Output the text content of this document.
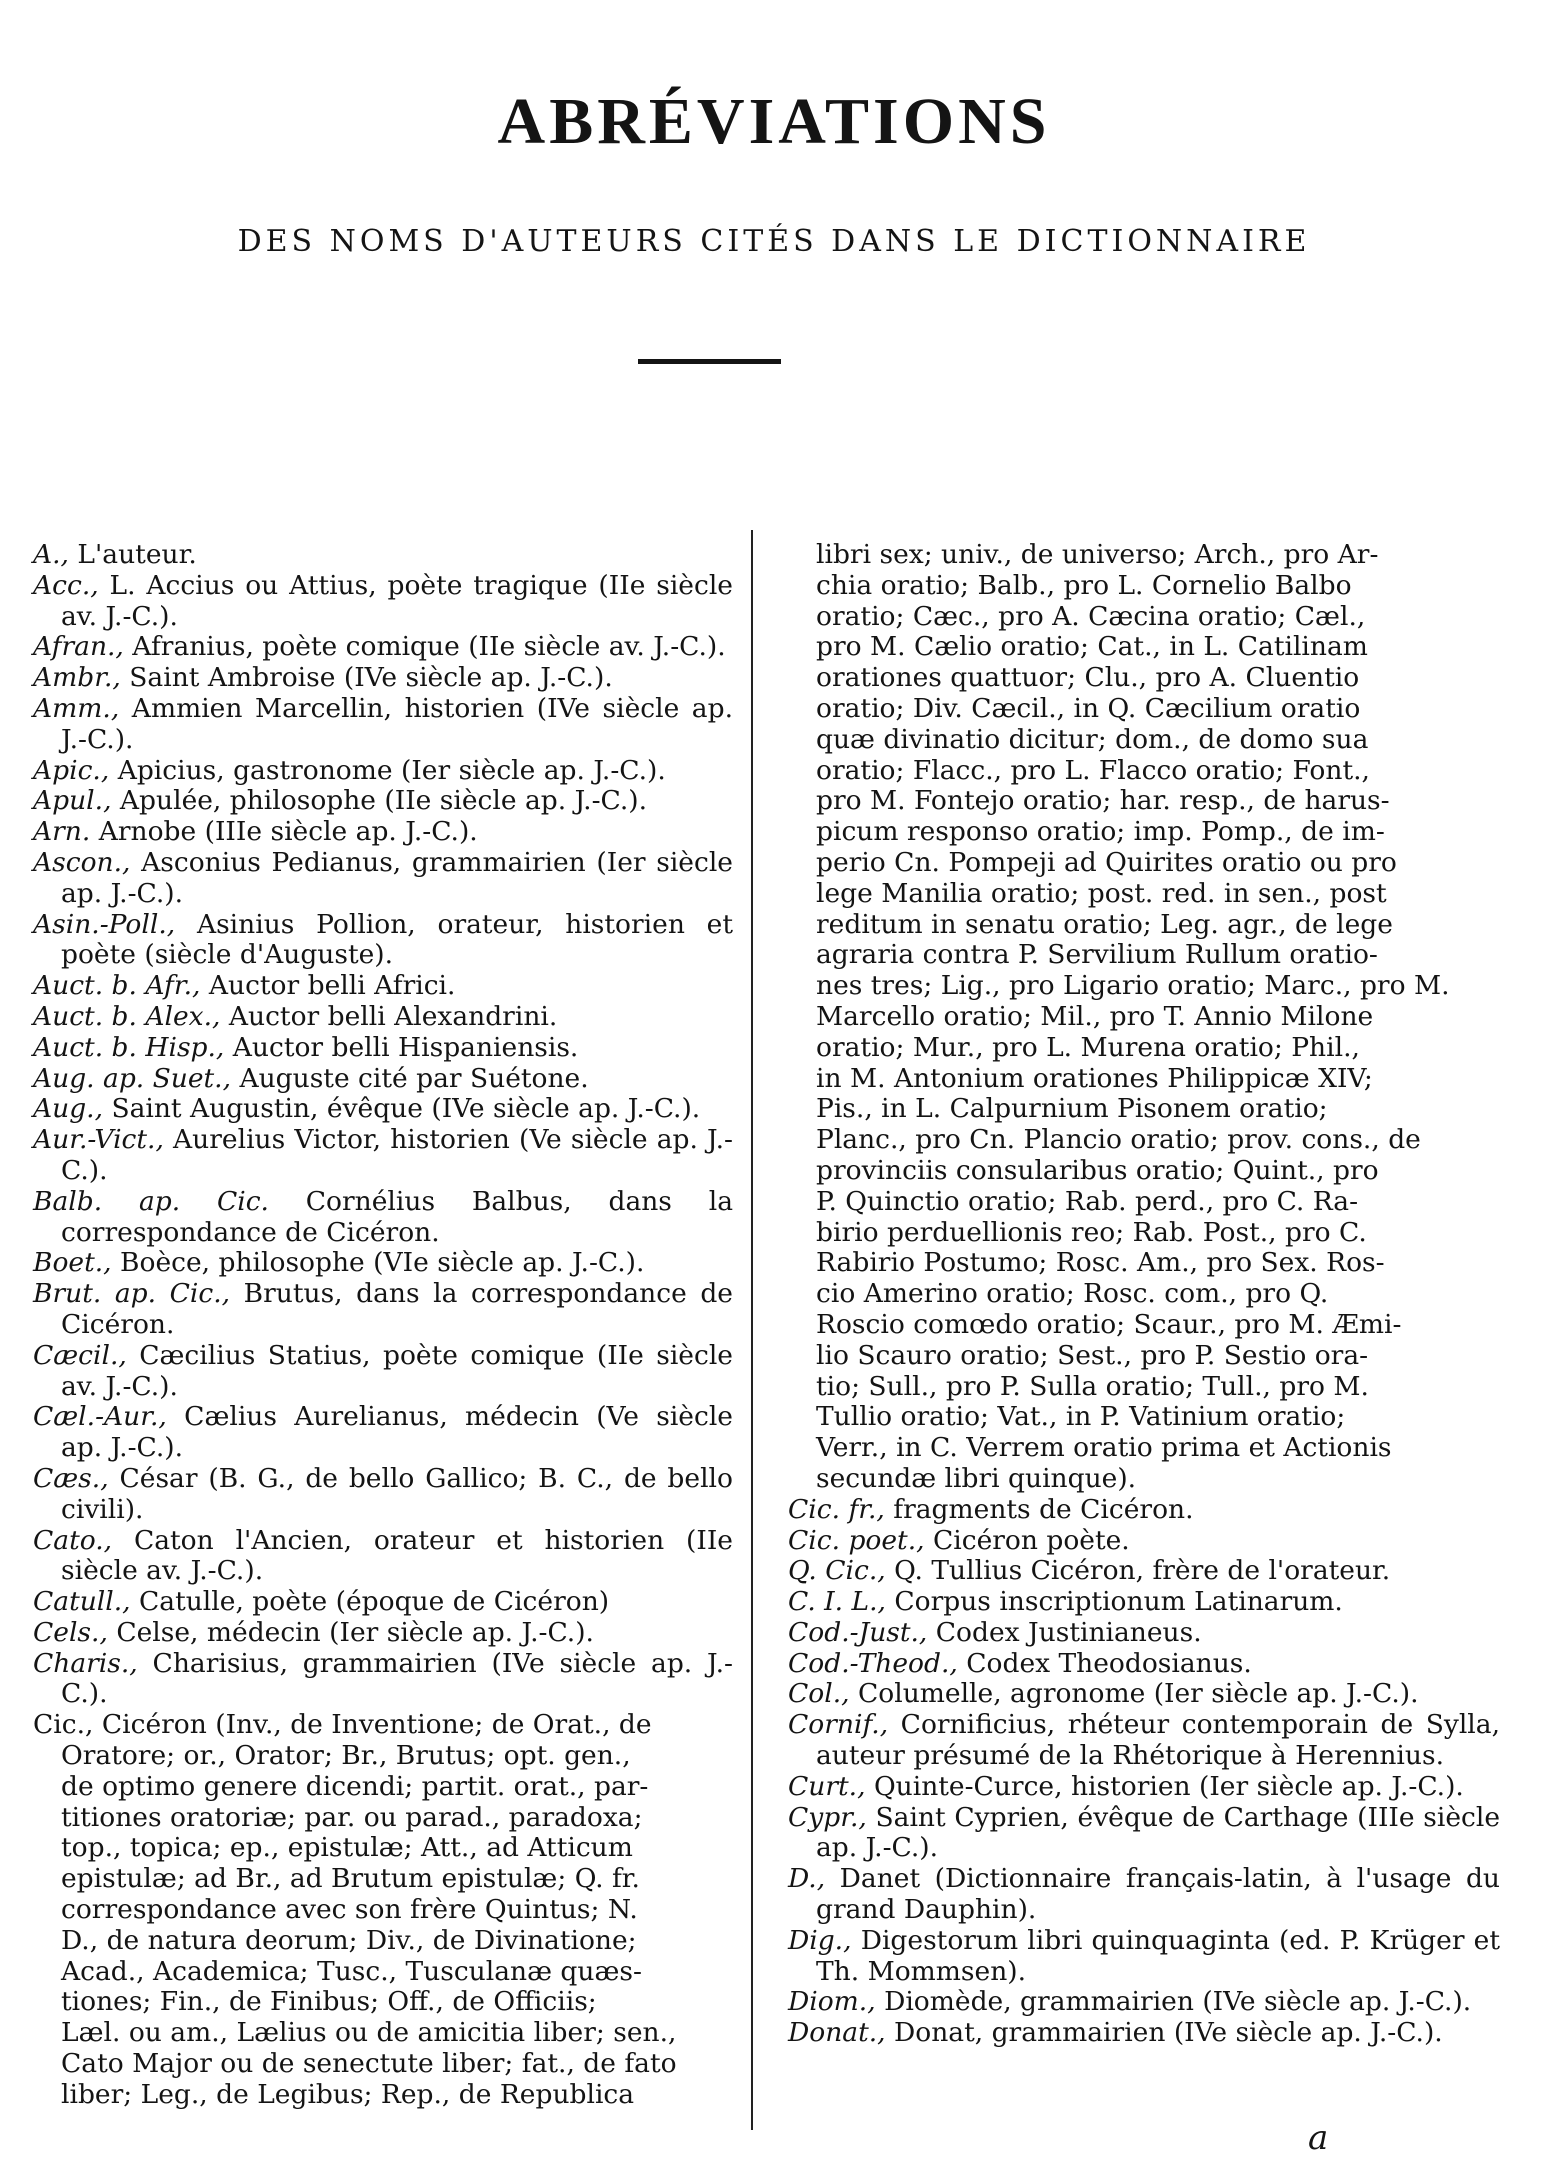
ABRÉVIATIONS
DES NOMS D'AUTEURS CITÉS DANS LE DICTIONNAIRE

A., L'auteur.

Acc., L. Accius ou Attius, poète tragique (IIe siècle av. J.-C.).

Afran., Afranius, poète comique (IIe siècle av. J.-C.).

Ambr., Saint Ambroise (IVe siècle ap. J.-C.).

Amm., Ammien Marcellin, historien (IVe siècle ap. J.-C.).

Apic., Apicius, gastronome (Ier siècle ap. J.-C.).

Apul., Apulée, philosophe (IIe siècle ap. J.-C.).

Arn. Arnobe (IIIe siècle ap. J.-C.).

Ascon., Asconius Pedianus, grammairien (Ier siècle ap. J.-C.).

Asin.-Poll., Asinius Pollion, orateur, historien et poète (siècle d'Auguste).

Auct. b. Afr., Auctor belli Africi.

Auct. b. Alex., Auctor belli Alexandrini.

Auct. b. Hisp., Auctor belli Hispaniensis.

Aug. ap. Suet., Auguste cité par Suétone.

Aug., Saint Augustin, évêque (IVe siècle ap. J.-C.).

Aur.-Vict., Aurelius Victor, historien (Ve siècle ap. J.-C.).

Balb. ap. Cic. Cornélius Balbus, dans la correspondance de Cicéron.

Boet., Boèce, philosophe (VIe siècle ap. J.-C.).

Brut. ap. Cic., Brutus, dans la correspondance de Cicéron.

Cæcil., Cæcilius Statius, poète comique (IIe siècle av. J.-C.).

Cæl.-Aur., Cælius Aurelianus, médecin (Ve siècle ap. J.-C.).

Cæs., César (B. G., de bello Gallico; B. C., de bello civili).

Cato., Caton l'Ancien, orateur et historien (IIe siècle av. J.-C.).

Catull., Catulle, poète (époque de Cicéron)

Cels., Celse, médecin (Ier siècle ap. J.-C.).

Charis., Charisius, grammairien (IVe siècle ap. J.-C.).

Cic., Cicéron (Inv., de Inventione; de Orat., de

Oratore; or., Orator; Br., Brutus; opt. gen.,

de optimo genere dicendi; partit. orat., par-

titiones oratoriæ; par. ou parad., paradoxa;

top., topica; ep., epistulæ; Att., ad Atticum

epistulæ; ad Br., ad Brutum epistulæ; Q. fr.

correspondance avec son frère Quintus; N.

D., de natura deorum; Div., de Divinatione;

Acad., Academica; Tusc., Tusculanæ quæs-

tiones; Fin., de Finibus; Off., de Officiis;

Læl. ou am., Lælius ou de amicitia liber; sen.,

Cato Major ou de senectute liber; fat., de fato

liber; Leg., de Legibus; Rep., de Republica

libri sex; univ., de universo; Arch., pro Ar-

chia oratio; Balb., pro L. Cornelio Balbo

oratio; Cæc., pro A. Cæcina oratio; Cæl.,

pro M. Cælio oratio; Cat., in L. Catilinam

orationes quattuor; Clu., pro A. Cluentio

oratio; Div. Cæcil., in Q. Cæcilium oratio

quæ divinatio dicitur; dom., de domo sua

oratio; Flacc., pro L. Flacco oratio; Font.,

pro M. Fontejo oratio; har. resp., de harus-

picum responso oratio; imp. Pomp., de im-

perio Cn. Pompeji ad Quirites oratio ou pro

lege Manilia oratio; post. red. in sen., post

reditum in senatu oratio; Leg. agr., de lege

agraria contra P. Servilium Rullum oratio-

nes tres; Lig., pro Ligario oratio; Marc., pro M.

Marcello oratio; Mil., pro T. Annio Milone

oratio; Mur., pro L. Murena oratio; Phil.,

in M. Antonium orationes Philippicæ XIV;

Pis., in L. Calpurnium Pisonem oratio;

Planc., pro Cn. Plancio oratio; prov. cons., de

provinciis consularibus oratio; Quint., pro

P. Quinctio oratio; Rab. perd., pro C. Ra-

birio perduellionis reo; Rab. Post., pro C.

Rabirio Postumo; Rosc. Am., pro Sex. Ros-

cio Amerino oratio; Rosc. com., pro Q.

Roscio comœdo oratio; Scaur., pro M. Æmi-

lio Scauro oratio; Sest., pro P. Sestio ora-

tio; Sull., pro P. Sulla oratio; Tull., pro M.

Tullio oratio; Vat., in P. Vatinium oratio;

Verr., in C. Verrem oratio prima et Actionis

secundæ libri quinque).

Cic. fr., fragments de Cicéron.

Cic. poet., Cicéron poète.

Q. Cic., Q. Tullius Cicéron, frère de l'orateur.

C. I. L., Corpus inscriptionum Latinarum.

Cod.-Just., Codex Justinianeus.

Cod.-Theod., Codex Theodosianus.

Col., Columelle, agronome (Ier siècle ap. J.-C.).

Cornif., Cornificius, rhéteur contemporain de Sylla, auteur présumé de la Rhétorique à Herennius.

Curt., Quinte-Curce, historien (Ier siècle ap. J.-C.).

Cypr., Saint Cyprien, évêque de Carthage (IIIe siècle ap. J.-C.).

D., Danet (Dictionnaire français-latin, à l'usage du grand Dauphin).

Dig., Digestorum libri quinquaginta (ed. P. Krüger et Th. Mommsen).

Diom., Diomède, grammairien (IVe siècle ap. J.-C.).

Donat., Donat, grammairien (IVe siècle ap. J.-C.).

a
